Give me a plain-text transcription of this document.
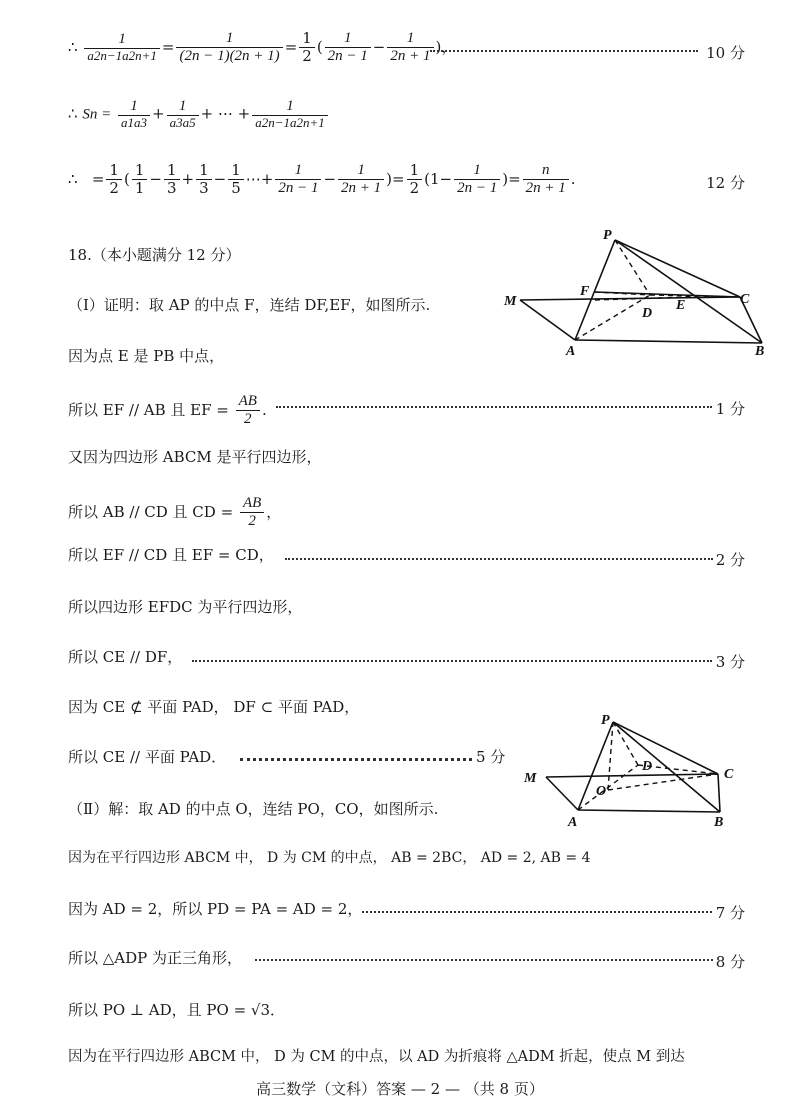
∴ $\frac{1}{a2n-1a2n+1} = \frac{1}{(2n - 1)(2n + 1)} = \frac{1}{2}$ ( $\frac{1}{2n - 1} - \frac{1}{2n + 1}$ )，	10 分
∴ $Sn = \frac{1}{a1a3} + \frac{1}{a3a5}$ + ⋯ + $\frac{1}{a2n-1a2n+1}$
∴   = $\frac{1}{2}$ ( $\frac{1}{1} - \frac{1}{3} + \frac{1}{3} - \frac{1}{5}$ ⋯+ $\frac{1}{2n - 1} - \frac{1}{2n + 1}$ )= $\frac{1}{2} (1- \frac{1}{2n - 1}$ )= $\frac{n}{2n + 1}$ .	12 分
18.（本小题满分 12 分）
（Ⅰ）证明：取 AP 的中点 F，连结 DF,EF，如图所示.
因为点 E 是 PB 中点，
所以 EF // AB 且 EF = $\frac{AB}{2}$ .	1 分
又因为四边形 ABCM 是平行四边形，
所以 AB // CD 且 CD = $\frac{AB}{2}$ ，
所以 EF // CD 且 EF = CD，	2 分
所以四边形 EFDC 为平行四边形，
所以 CE // DF，	3 分
因为 CE ⊄ 平面 PAD， DF ⊂ 平面 PAD，
所以 CE // 平面 PAD．	5 分
（Ⅱ）解：取 AD 的中点 O，连结 PO，CO，如图所示.
因为在平行四边形 ABCM 中， D 为 CM 的中点， AB = 2BC， AD = 2, AB = 4
因为 AD = 2，所以 PD = PA = AD = 2，	7 分
所以 △ADP 为正三角形，	8 分
所以 PO ⊥ AD，且 PO = √3．
因为在平行四边形 ABCM 中， D 为 CM 的中点，以 AD 为折痕将 △ADM 折起，使点 M 到达
P
M
F
D
E	C
A	B
P
M
D
C
O
A	B
高三数学（文科）答案 — 2 — （共 8 页）
